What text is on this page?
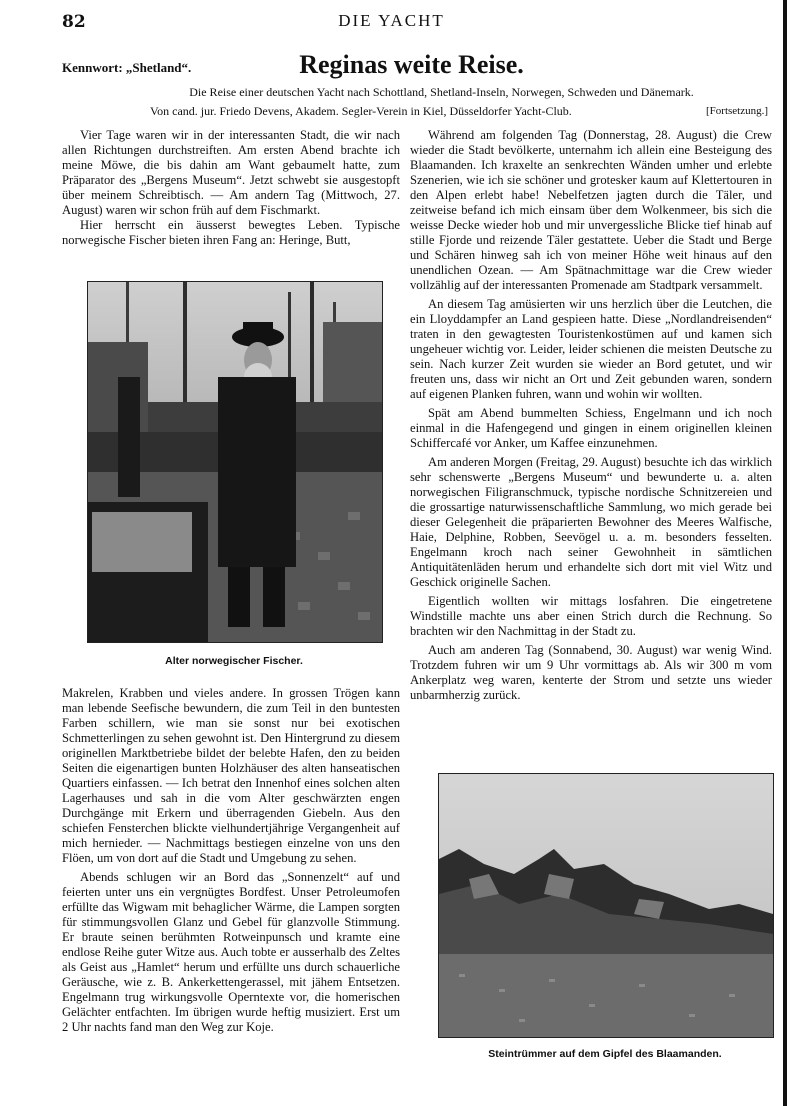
82	DIE YACHT
Kennwort: „Shetland“.	Reginas weite Reise.
Die Reise einer deutschen Yacht nach Schottland, Shetland-Inseln, Norwegen, Schweden und Dänemark.
Von cand. jur. Friedo Devens, Akadem. Segler-Verein in Kiel, Düsseldorfer Yacht-Club.	[Fortsetzung.]

Vier Tage waren wir in der interessanten Stadt, die wir nach allen Richtungen durchstreiften. Am ersten Abend brachte ich meine Möwe, die bis dahin am Want gebaumelt hatte, zum Präparator des „Bergens Museum“. Jetzt schwebt sie ausgestopft über meinem Schreibtisch. — Am andern Tag (Mittwoch, 27. August) waren wir schon früh auf dem Fischmarkt.

Hier herrscht ein äusserst bewegtes Leben. Typische norwegische Fischer bieten ihren Fang an: Heringe, Butt,

Alter norwegischer Fischer.

Makrelen, Krabben und vieles andere. In grossen Trögen kann man lebende Seefische bewundern, die zum Teil in den buntesten Farben schillern, wie man sie sonst nur bei exotischen Schmetterlingen zu sehen gewohnt ist. Den Hintergrund zu diesem originellen Marktbetriebe bildet der belebte Hafen, den zu beiden Seiten die eigenartigen bunten Holzhäuser des alten hanseatischen Quartiers einfassen. — Ich betrat den Innenhof eines solchen alten Lagerhauses und sah in die vom Alter geschwärzten engen Durchgänge mit Erkern und überragenden Giebeln. Aus den schiefen Fensterchen blickte vielhundertjährige Vergangenheit auf mich hernieder. — Nachmittags bestiegen einzelne von uns den Flöen, um von dort auf die Stadt und Umgebung zu sehen.

Abends schlugen wir an Bord das „Sonnenzelt“ auf und feierten unter uns ein vergnügtes Bordfest. Unser Petroleumofen erfüllte das Wigwam mit behaglicher Wärme, die Lampen sorgten für stimmungsvollen Glanz und Gebel für glanzvolle Stimmung. Er braute seinen berühmten Rotweinpunsch und kramte eine endlose Reihe guter Witze aus. Auch tobte er ausserhalb des Zeltes als Geist aus „Hamlet“ herum und erfüllte uns durch schauerliche Geräusche, wie z. B. Ankerkettengerassel, mit jähem Entsetzen. Engelmann trug wirkungsvolle Operntexte vor, die homerischen Gelächter entfachten. Im übrigen wurde heftig musiziert. Erst um 2 Uhr nachts fand man den Weg zur Koje.

Während am folgenden Tag (Donnerstag, 28. August) die Crew wieder die Stadt bevölkerte, unternahm ich allein eine Besteigung des Blaamanden. Ich kraxelte an senkrechten Wänden umher und erlebte Szenerien, wie ich sie schöner und grotesker kaum auf Klettertouren in den Alpen erlebt habe! Nebelfetzen jagten durch die Täler, und zeitweise befand ich mich einsam über dem Wolkenmeer, bis sich die weisse Decke wieder hob und mir unvergessliche Blicke tief hinab auf stille Fjorde und reizende Täler gestattete. Ueber die Stadt und Berge und Schären hinweg sah ich von meiner Höhe weit hinaus auf den unendlichen Ozean. — Am Spätnachmittage war die Crew wieder vollzählig auf der interessanten Promenade am Stadtpark versammelt.

An diesem Tag amüsierten wir uns herzlich über die Leutchen, die ein Lloyddampfer an Land gespieen hatte. Diese „Nordlandreisenden“ traten in den gewagtesten Touristenkostümen auf und kamen sich ungeheuer wichtig vor. Leider, leider schienen die meisten Deutsche zu sein. Nach kurzer Zeit wurden sie wieder an Bord getutet, und wir freuten uns, dass wir nicht an Ort und Zeit gebunden waren, sondern auf eigenen Planken fuhren, wann und wohin wir wollten.

Spät am Abend bummelten Schiess, Engelmann und ich noch einmal in die Hafengegend und gingen in einem originellen kleinen Schiffercafé vor Anker, um Kaffee einzunehmen.

Am anderen Morgen (Freitag, 29. August) besuchte ich das wirklich sehr schenswerte „Bergens Museum“ und bewunderte u. a. alten norwegischen Filigranschmuck, typische nordische Schnitzereien und die grossartige naturwissenschaftliche Sammlung, wo mich gerade bei dieser Gelegenheit die präparierten Bewohner des Meeres Walfische, Haie, Delphine, Robben, Seevögel u. a. m. besonders fesselten. Engelmann kroch nach seiner Gewohnheit in sämtlichen Antiquitätenläden herum und erhandelte sich dort mit viel Witz und Geschick originelle Sachen.

Eigentlich wollten wir mittags losfahren. Die eingetretene Windstille machte uns aber einen Strich durch die Rechnung. So brachten wir den Nachmittag in der Stadt zu.

Auch am anderen Tag (Sonnabend, 30. August) war wenig Wind. Trotzdem fuhren wir um 9 Uhr vormittags ab. Als wir 300 m vom Ankerplatz weg waren, kenterte der Strom und setzte uns wieder unbarmherzig zurück.

Steintrümmer auf dem Gipfel des Blaamanden.
